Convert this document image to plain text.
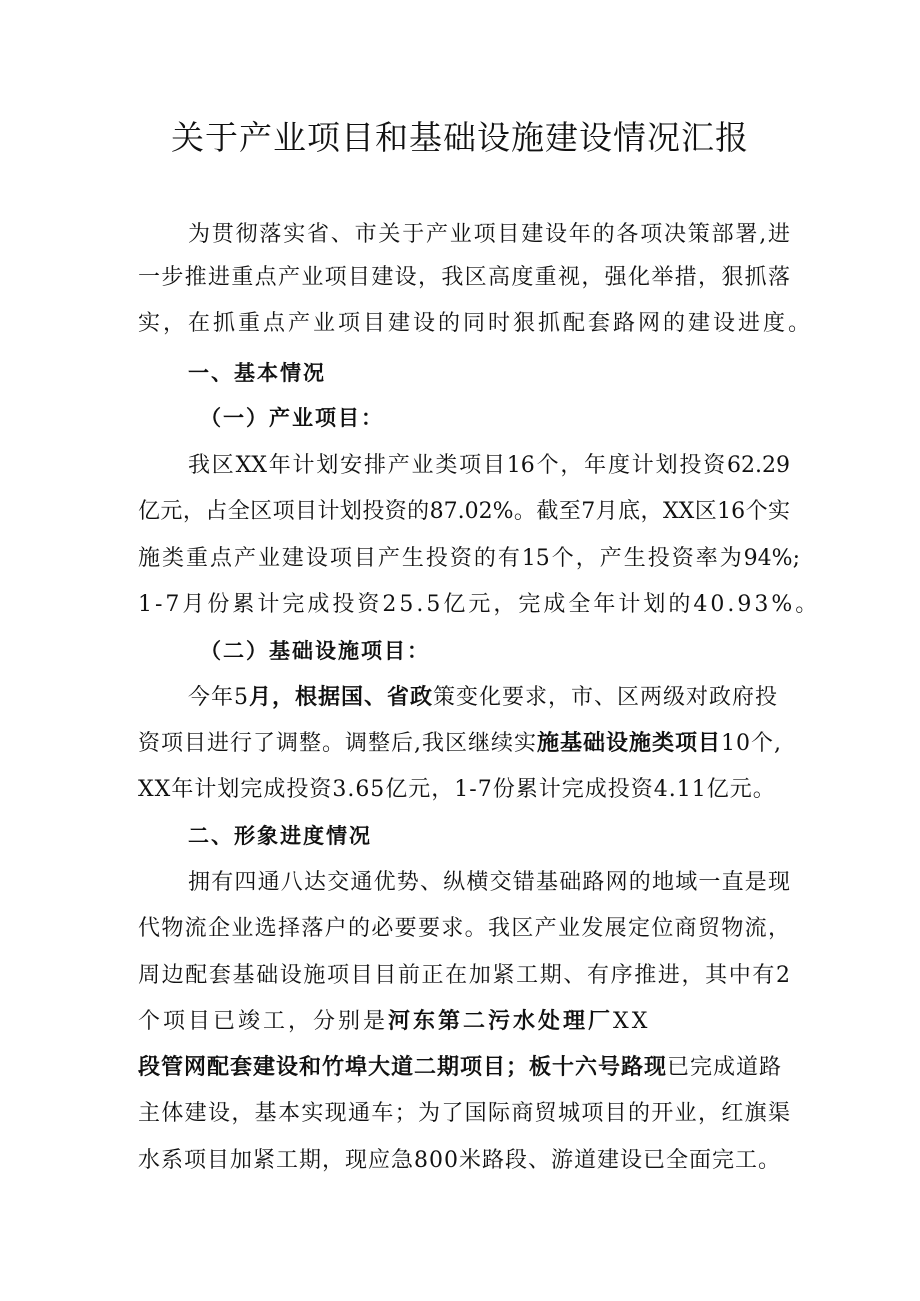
关于产业项目和基础设施建设情况汇报
为贯彻落实省、市关于产业项目建设年的各项决策部署,进
一步推进重点产业项目建设，我区高度重视，强化举措，狠抓落
实，在抓重点产业项目建设的同时狠抓配套路网的建设进度。
一、基本情况
（一）产业项目：
我区XX年计划安排产业类项目16个，年度计划投资62.29
亿元，占全区项目计划投资的87.02%。截至7月底，XX区16个实
施类重点产业建设项目产生投资的有15个，产生投资率为94%;
1-7月份累计完成投资25.5亿元，完成全年计划的40.93%。
（二）基础设施项目：
今年5月，根据国、省政策变化要求，市、区两级对政府投
资项目进行了调整。调整后,我区继续实施基础设施类项目10个,
XX年计划完成投资3.65亿元，1-7份累计完成投资4.11亿元。
二、形象进度情况
拥有四通八达交通优势、纵横交错基础路网的地域一直是现
代物流企业选择落户的必要要求。我区产业发展定位商贸物流，
周边配套基础设施项目目前正在加紧工期、有序推进，其中有2
个项目已竣工，分别是河东第二污水处理厂XX
段管网配套建设和竹埠大道二期项目；板十六号路现已完成道路
主体建设，基本实现通车；为了国际商贸城项目的开业，红旗渠
水系项目加紧工期，现应急800米路段、游道建设已全面完工。
